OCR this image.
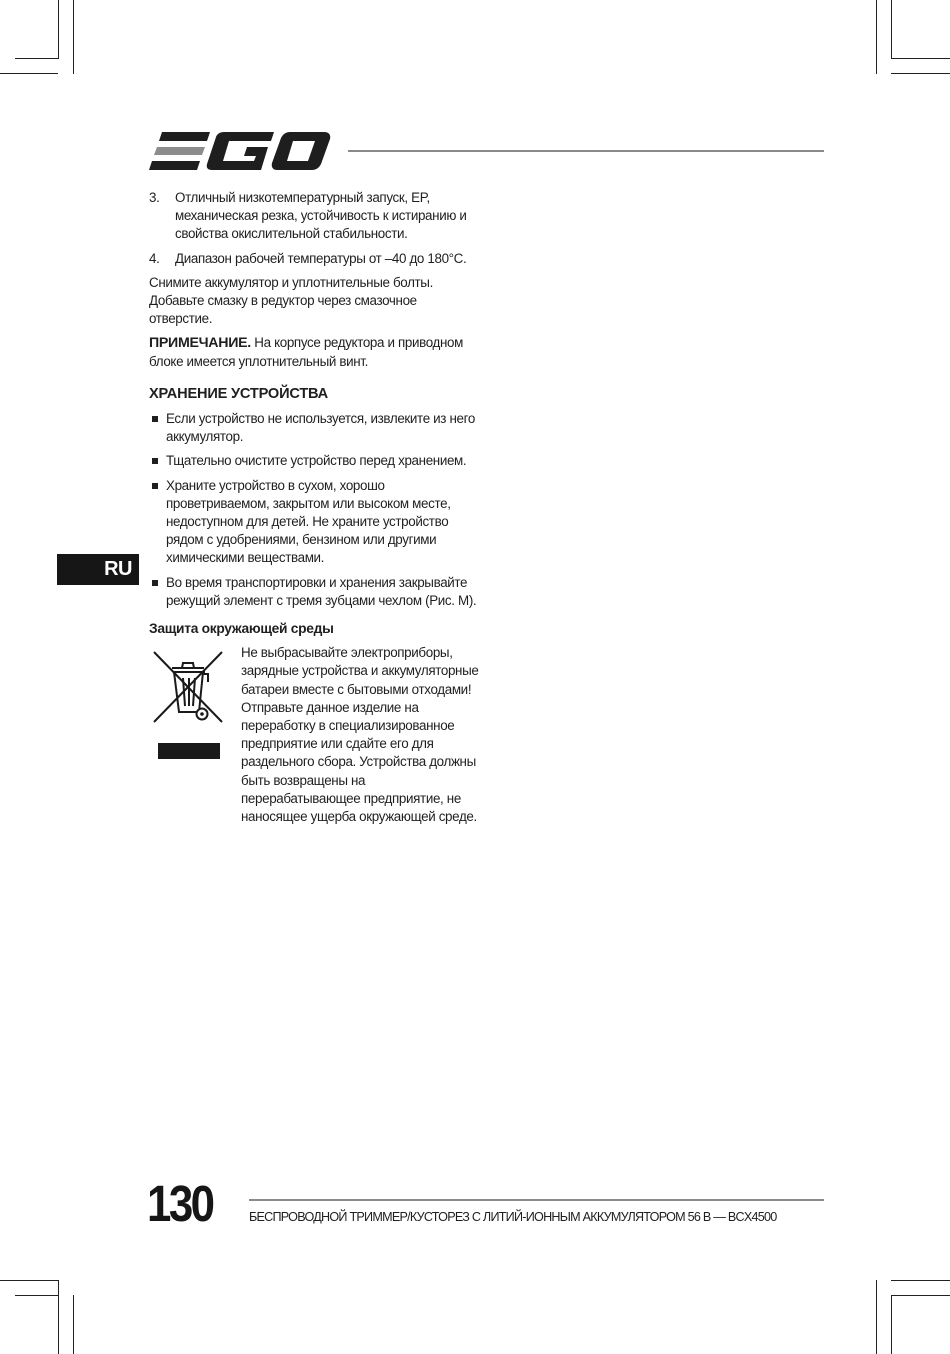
3.	Отличный низкотемпературный запуск, EP, механическая резка, устойчивость к истиранию и свойства окислительной стабильности.
4.	Диапазон рабочей температуры от –40 до 180°C.

Снимите аккумулятор и уплотнительные болты. Добавьте смазку в редуктор через смазочное отверстие.

ПРИМЕЧАНИЕ. На корпусе редуктора и приводном блоке имеется уплотнительный винт.

ХРАНЕНИЕ УСТРОЙСТВА
Если устройство не используется, извлеките из него аккумулятор.
Тщательно очистите устройство перед хранением.
Храните устройство в сухом, хорошо проветриваемом, закрытом или высоком месте, недоступном для детей. Не храните устройство рядом с удобрениями, бензином или другими химическими веществами.
Во время транспортировки и хранения закрывайте режущий элемент с тремя зубцами чехлом (Рис. M).
Защита окружающей среды
Не выбрасывайте электроприборы, зарядные устройства и аккумуляторные батареи вместе с бытовыми отходами! Отправьте данное изделие на переработку в специализированное предприятие или сдайте его для раздельного сбора. Устройства должны быть возвращены на перерабатывающее предприятие, не наносящее ущерба окружающей среде.
RU
130	БЕСПРОВОДНОЙ ТРИММЕР/КУСТОРЕЗ С ЛИТИЙ-ИОННЫМ АККУМУЛЯТОРОМ 56 В — BCX4500
